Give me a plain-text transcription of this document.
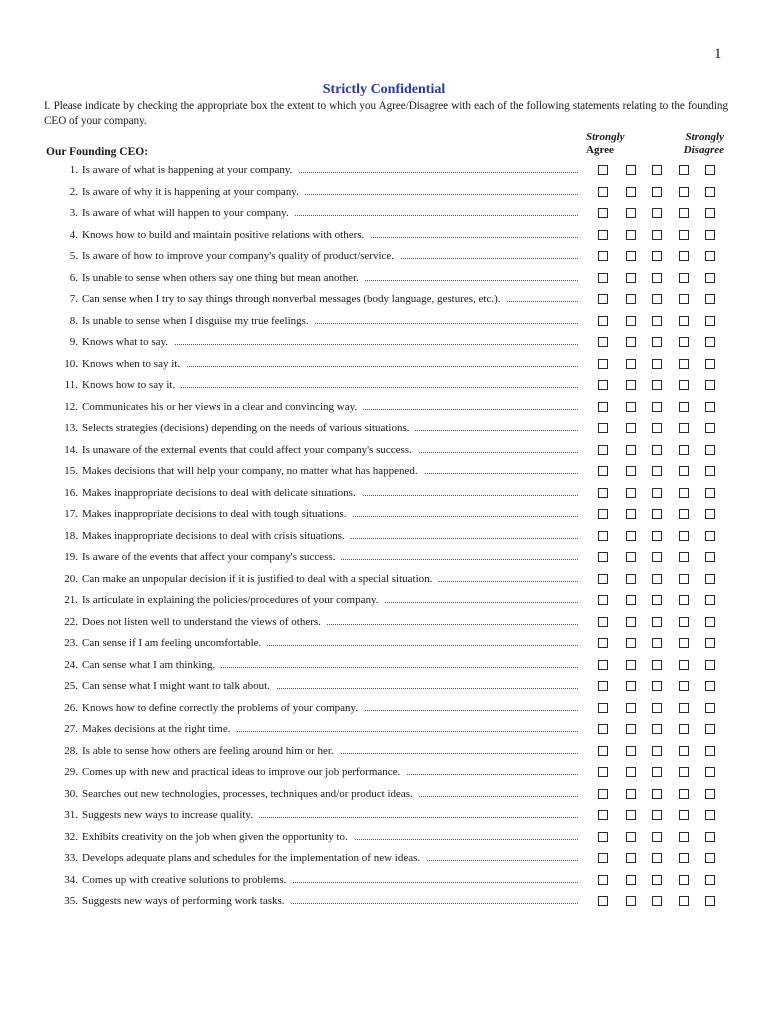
1
Strictly Confidential
I. Please indicate by checking the appropriate box the extent to which you Agree/Disagree with each of the following statements relating to the founding CEO of your company.
Our Founding CEO:
Strongly
Agree
Strongly
Disagree
1. Is aware of what is happening at your company.
2. Is aware of why it is happening at your company.
3. Is aware of what will happen to your company.
4. Knows how to build and maintain positive relations with others.
5. Is aware of how to improve your company's quality of product/service.
6. Is unable to sense when others say one thing but mean another.
7. Can sense when I try to say things through nonverbal messages (body language, gestures, etc.).
8. Is unable to sense when I disguise my true feelings.
9. Knows what to say.
10. Knows when to say it.
11. Knows how to say it.
12. Communicates his or her views in a clear and convincing way.
13. Selects strategies (decisions) depending on the needs of various situations.
14. Is unaware of the external events that could affect your company's success.
15. Makes decisions that will help your company, no matter what has happened.
16. Makes inappropriate decisions to deal with delicate situations.
17. Makes inappropriate decisions to deal with tough situations.
18. Makes inappropriate decisions to deal with crisis situations.
19. Is aware of the events that affect your company's success.
20. Can make an unpopular decision if it is justified to deal with a special situation.
21. Is articulate in explaining the policies/procedures of your company.
22. Does not listen well to understand the views of others.
23. Can sense if I am feeling uncomfortable.
24. Can sense what I am thinking.
25. Can sense what I might want to talk about.
26. Knows how to define correctly the problems of your company.
27. Makes decisions at the right time.
28. Is able to sense how others are feeling around him or her.
29. Comes up with new and practical ideas to improve our job performance.
30. Searches out new technologies, processes, techniques and/or product ideas.
31. Suggests new ways to increase quality.
32. Exhibits creativity on the job when given the opportunity to.
33. Develops adequate plans and schedules for the implementation of new ideas.
34. Comes up with creative solutions to problems.
35. Suggests new ways of performing work tasks.
